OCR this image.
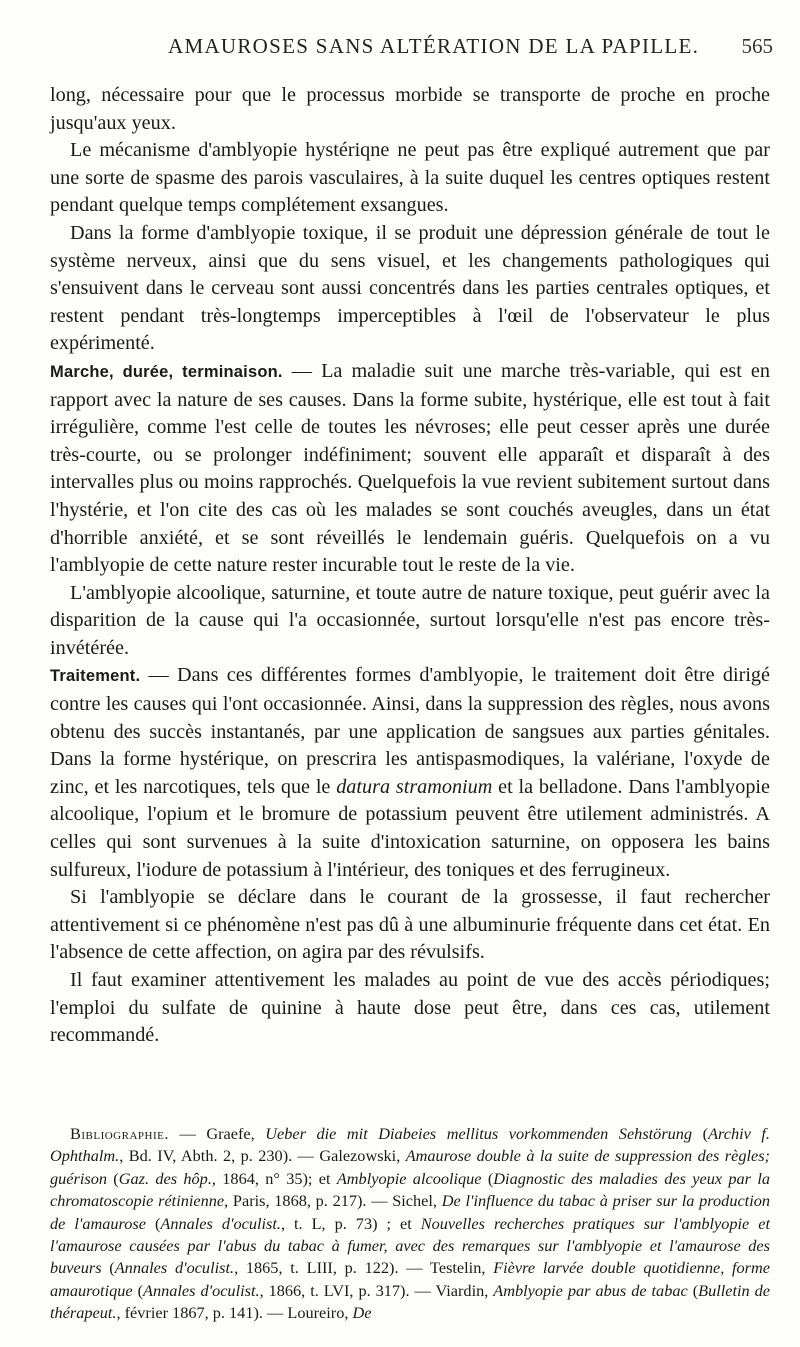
AMAUROSES SANS ALTÉRATION DE LA PAPILLE. 565

long, nécessaire pour que le processus morbide se transporte de proche en proche jusqu'aux yeux.

Le mécanisme d'amblyopie hystériqne ne peut pas être expliqué autrement que par une sorte de spasme des parois vasculaires, à la suite duquel les centres optiques restent pendant quelque temps complétement exsangues.

Dans la forme d'amblyopie toxique, il se produit une dépression générale de tout le système nerveux, ainsi que du sens visuel, et les changements pathologiques qui s'ensuivent dans le cerveau sont aussi concentrés dans les parties centrales optiques, et restent pendant très-longtemps imperceptibles à l'œil de l'observateur le plus expérimenté.

Marche, durée, terminaison. — La maladie suit une marche très-variable, qui est en rapport avec la nature de ses causes. Dans la forme subite, hystérique, elle est tout à fait irrégulière, comme l'est celle de toutes les névroses; elle peut cesser après une durée très-courte, ou se prolonger indéfiniment; souvent elle apparaît et disparaît à des intervalles plus ou moins rapprochés. Quelquefois la vue revient subitement surtout dans l'hystérie, et l'on cite des cas où les malades se sont couchés aveugles, dans un état d'horrible anxiété, et se sont réveillés le lendemain guéris. Quelquefois on a vu l'amblyopie de cette nature rester incurable tout le reste de la vie.

L'amblyopie alcoolique, saturnine, et toute autre de nature toxique, peut guérir avec la disparition de la cause qui l'a occasionnée, surtout lorsqu'elle n'est pas encore très-invétérée.

Traitement. — Dans ces différentes formes d'amblyopie, le traitement doit être dirigé contre les causes qui l'ont occasionnée. Ainsi, dans la suppression des règles, nous avons obtenu des succès instantanés, par une application de sangsues aux parties génitales. Dans la forme hystérique, on prescrira les antispasmodiques, la valériane, l'oxyde de zinc, et les narcotiques, tels que le datura stramonium et la belladone. Dans l'amblyopie alcoolique, l'opium et le bromure de potassium peuvent être utilement administrés. A celles qui sont survenues à la suite d'intoxication saturnine, on opposera les bains sulfureux, l'iodure de potassium à l'intérieur, des toniques et des ferrugineux.

Si l'amblyopie se déclare dans le courant de la grossesse, il faut rechercher attentivement si ce phénomène n'est pas dû à une albuminurie fréquente dans cet état. En l'absence de cette affection, on agira par des révulsifs.

Il faut examiner attentivement les malades au point de vue des accès périodiques; l'emploi du sulfate de quinine à haute dose peut être, dans ces cas, utilement recommandé.

Bibliographie. — Graefe, Ueber die mit Diabeies mellitus vorkommenden Sehstörung (Archiv f. Ophthalm., Bd. IV, Abth. 2, p. 230). — Galezowski, Amaurose double à la suite de suppression des règles; guérison (Gaz. des hôp., 1864, n° 35); et Amblyopie alcoolique (Diagnostic des maladies des yeux par la chromatoscopie rétinienne, Paris, 1868, p. 217). — Sichel, De l'influence du tabac à priser sur la production de l'amaurose (Annales d'oculist., t. L, p. 73) ; et Nouvelles recherches pratiques sur l'amblyopie et l'amaurose causées par l'abus du tabac à fumer, avec des remarques sur l'amblyopie et l'amaurose des buveurs (Annales d'oculist., 1865, t. LIII, p. 122). — Testelin, Fièvre larvée double quotidienne, forme amaurotique (Annales d'oculist., 1866, t. LVI, p. 317). — Viardin, Amblyopie par abus de tabac (Bulletin de thérapeut., février 1867, p. 141). — Loureiro, De
